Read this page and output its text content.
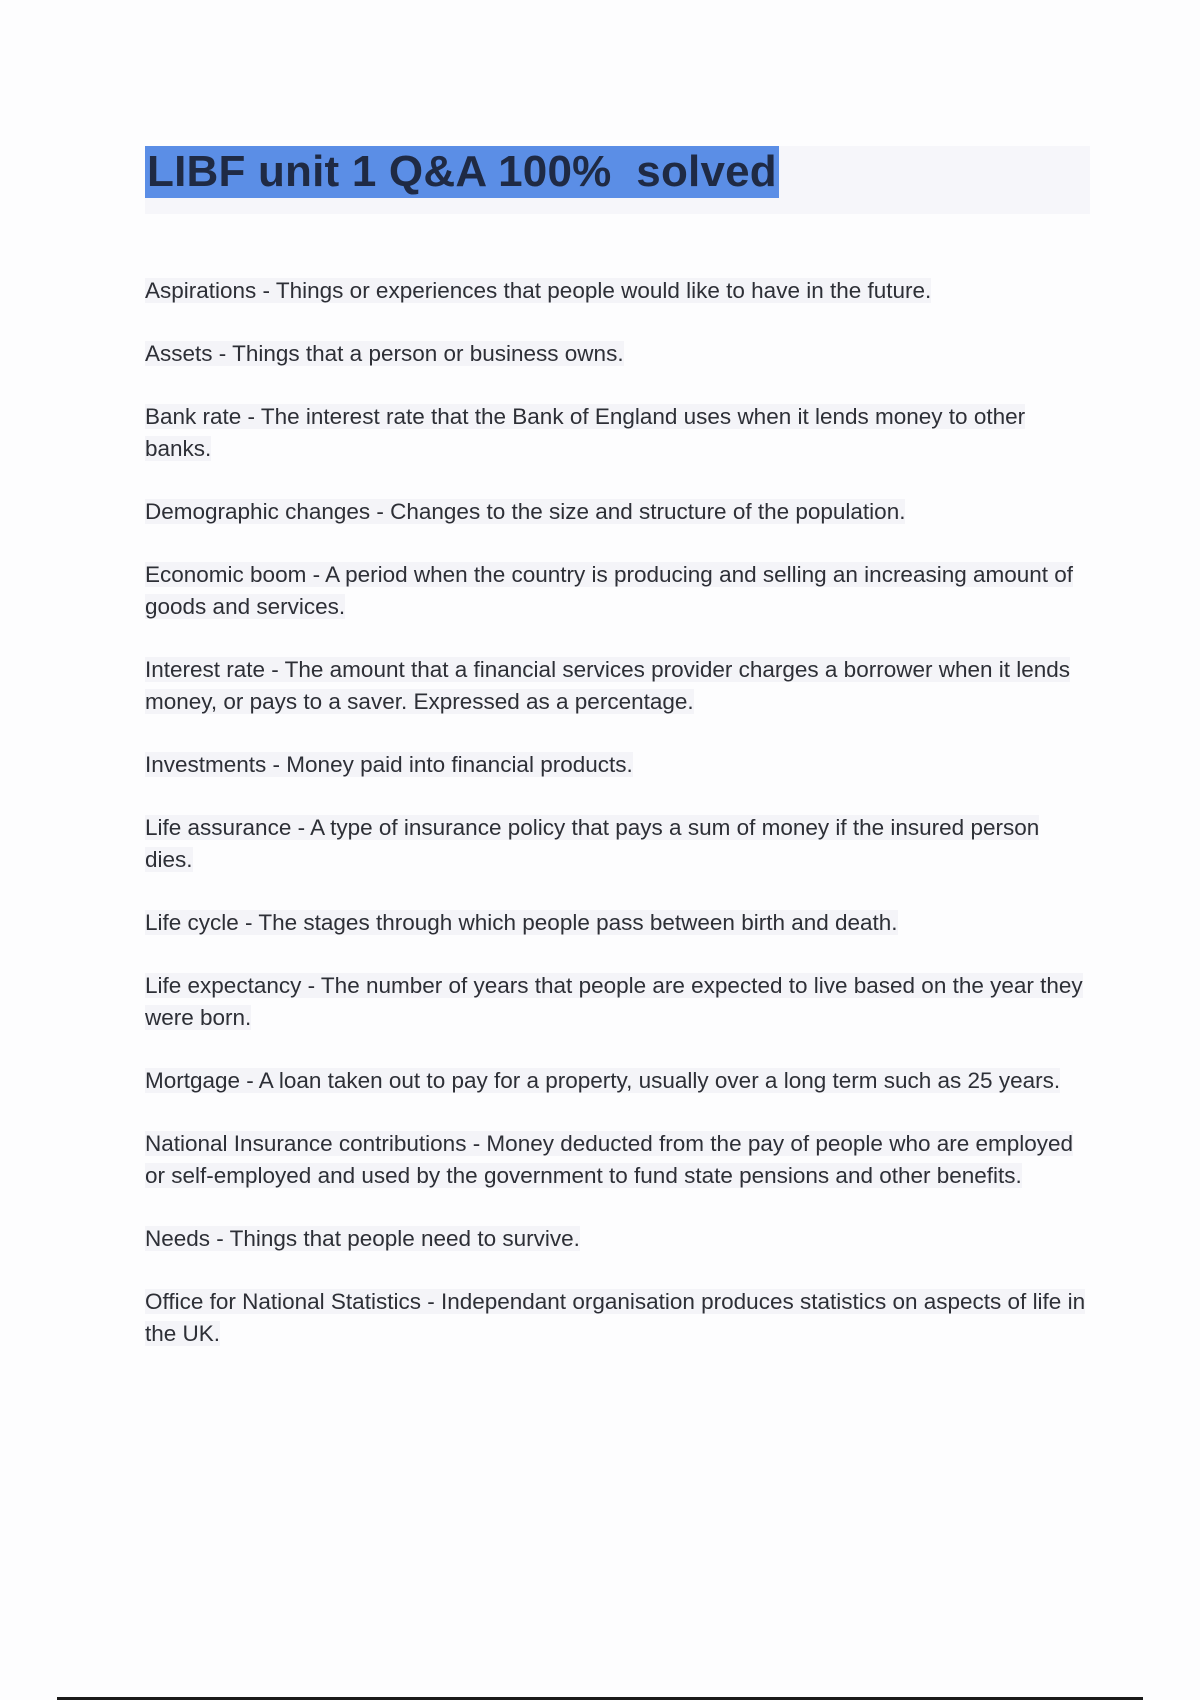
LIBF unit 1 Q&A 100%  solved

Aspirations - Things or experiences that people would like to have in the future.

Assets - Things that a person or business owns.

Bank rate - The interest rate that the Bank of England uses when it lends money to other banks.

Demographic changes - Changes to the size and structure of the population.

Economic boom - A period when the country is producing and selling an increasing amount of goods and services.

Interest rate - The amount that a financial services provider charges a borrower when it lends money, or pays to a saver. Expressed as a percentage.

Investments - Money paid into financial products.

Life assurance - A type of insurance policy that pays a sum of money if the insured person dies.

Life cycle - The stages through which people pass between birth and death.

Life expectancy - The number of years that people are expected to live based on the year they were born.

Mortgage - A loan taken out to pay for a property, usually over a long term such as 25 years.

National Insurance contributions - Money deducted from the pay of people who are employed or self-employed and used by the government to fund state pensions and other benefits.

Needs - Things that people need to survive.

Office for National Statistics - Independant organisation produces statistics on aspects of life in the UK.
